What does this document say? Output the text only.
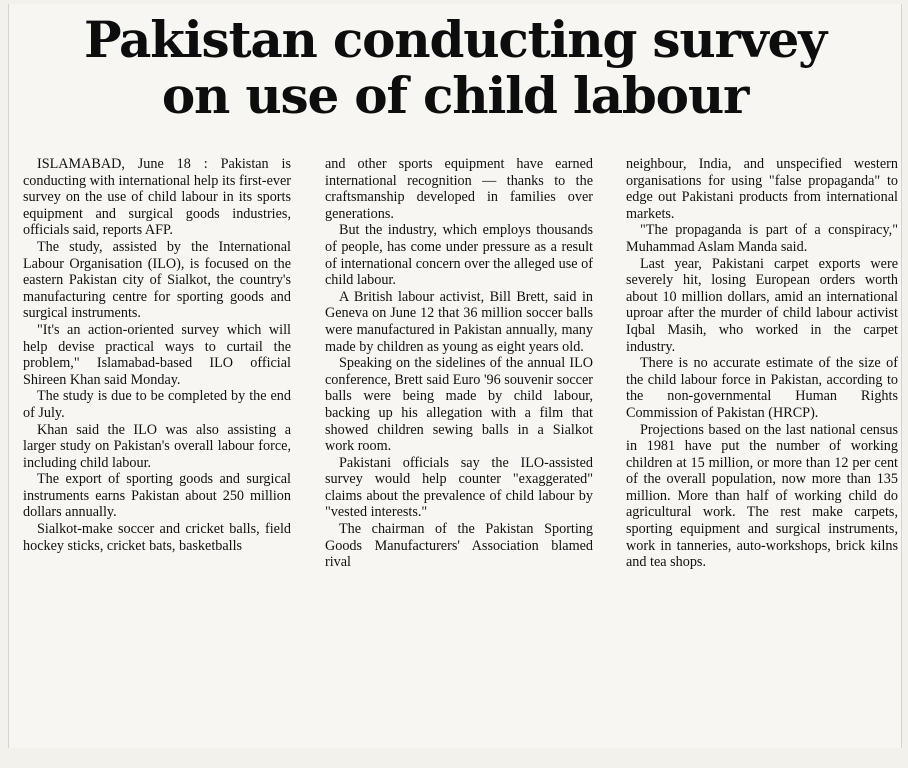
Pakistan conducting survey
on use of child labour

ISLAMABAD, June 18 : Pakistan is conducting with international help its first-ever survey on the use of child labour in its sports equipment and surgical goods industries, officials said, reports AFP.

The study, assisted by the International Labour Organisation (ILO), is focused on the eastern Pakistan city of Sialkot, the country's manufacturing centre for sporting goods and surgical instruments.

"It's an action-oriented survey which will help devise practical ways to curtail the problem," Islamabad-based ILO official Shireen Khan said Monday.

The study is due to be completed by the end of July.

Khan said the ILO was also assisting a larger study on Pakistan's overall labour force, including child labour.

The export of sporting goods and surgical instruments earns Pakistan about 250 million dollars annually.

Sialkot-make soccer and cricket balls, field hockey sticks, cricket bats, basketballs

and other sports equipment have earned international recognition — thanks to the craftsmanship developed in families over generations.

But the industry, which employs thousands of people, has come under pressure as a result of international concern over the alleged use of child labour.

A British labour activist, Bill Brett, said in Geneva on June 12 that 36 million soccer balls were manufactured in Pakistan annually, many made by children as young as eight years old.

Speaking on the sidelines of the annual ILO conference, Brett said Euro '96 souvenir soccer balls were being made by child labour, backing up his allegation with a film that showed children sewing balls in a Sialkot work room.

Pakistani officials say the ILO-assisted survey would help counter "exaggerated" claims about the prevalence of child labour by "vested interests."

The chairman of the Pakistan Sporting Goods Manufacturers' Association blamed rival

neighbour, India, and unspecified western organisations for using "false propaganda" to edge out Pakistani products from international markets.

"The propaganda is part of a conspiracy," Muhammad Aslam Manda said.

Last year, Pakistani carpet exports were severely hit, losing European orders worth about 10 million dollars, amid an international uproar after the murder of child labour activist Iqbal Masih, who worked in the carpet industry.

There is no accurate estimate of the size of the child labour force in Pakistan, according to the non-governmental Human Rights Commission of Pakistan (HRCP).

Projections based on the last national census in 1981 have put the number of working children at 15 million, or more than 12 per cent of the overall population, now more than 135 million. More than half of working child do agricultural work. The rest make carpets, sporting equipment and surgical instruments, work in tanneries, auto-workshops, brick kilns and tea shops.
